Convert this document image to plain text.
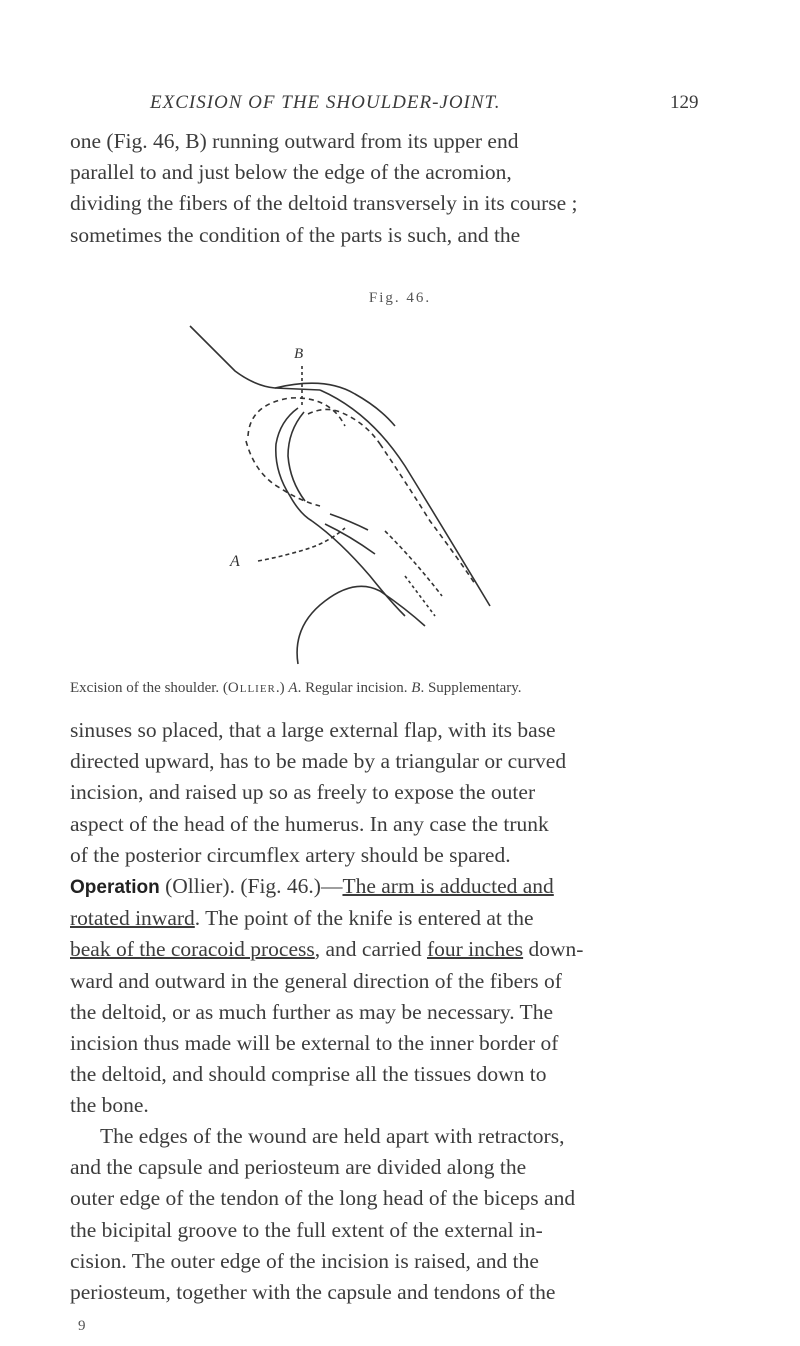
EXCISION OF THE SHOULDER-JOINT.	129

one (Fig. 46, B) running outward from its upper end
parallel to and just below the edge of the acromion,
dividing the fibers of the deltoid transversely in its course ;
sometimes the condition of the parts is such, and the

Fig. 46.
B
A
Excision of the shoulder. (Ollier.) A. Regular incision. B. Supplementary.

sinuses so placed, that a large external flap, with its base
directed upward, has to be made by a triangular or curved
incision, and raised up so as freely to expose the outer
aspect of the head of the humerus. In any case the trunk
of the posterior circumflex artery should be spared.

Operation (Ollier). (Fig. 46.)—The arm is adducted and
rotated inward. The point of the knife is entered at the
beak of the coracoid process, and carried four inches down-
ward and outward in the general direction of the fibers of
the deltoid, or as much further as may be necessary. The
incision thus made will be external to the inner border of
the deltoid, and should comprise all the tissues down to
the bone.

The edges of the wound are held apart with retractors,
and the capsule and periosteum are divided along the
outer edge of the tendon of the long head of the biceps and
the bicipital groove to the full extent of the external in-
cision. The outer edge of the incision is raised, and the
periosteum, together with the capsule and tendons of the

9
